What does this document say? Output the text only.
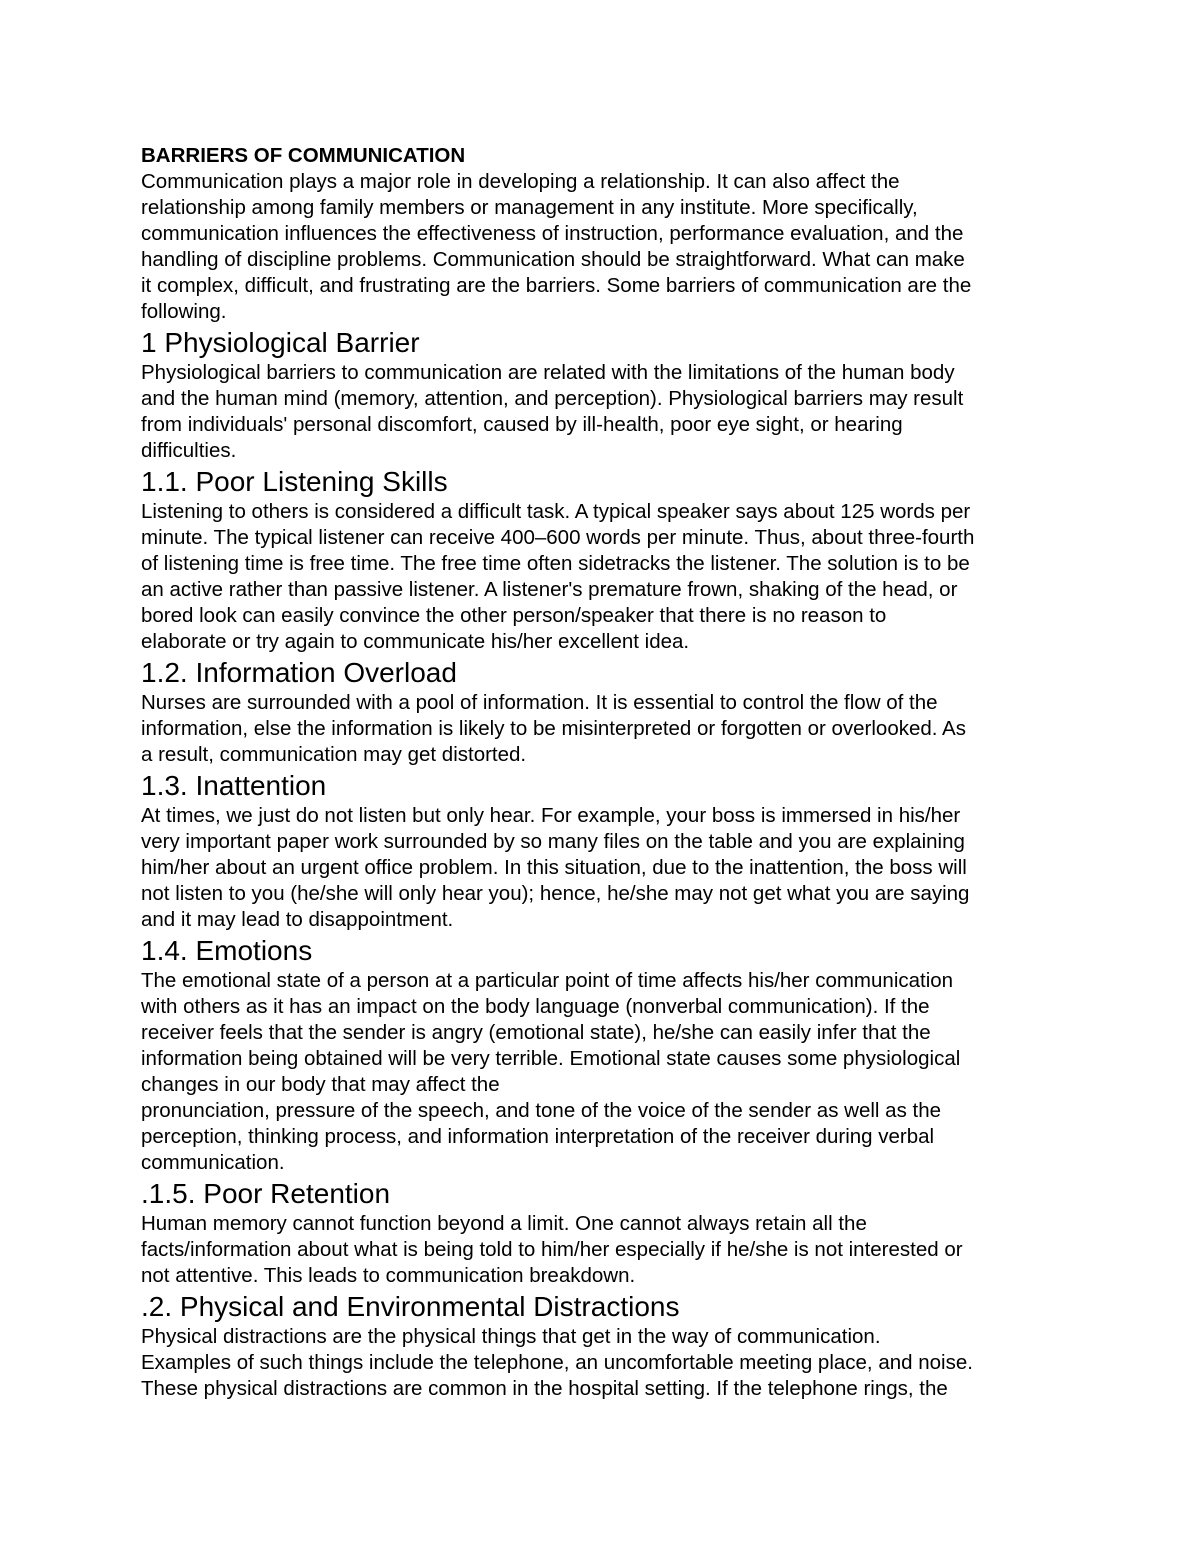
BARRIERS OF COMMUNICATION

Communication plays a major role in developing a relationship. It can also affect the
relationship among family members or management in any institute. More specifically,
communication influences the effectiveness of instruction, performance evaluation, and the
handling of discipline problems. Communication should be straightforward. What can make
it complex, difficult, and frustrating are the barriers. Some barriers of communication are the
following.

1 Physiological Barrier

Physiological barriers to communication are related with the limitations of the human body
and the human mind (memory, attention, and perception). Physiological barriers may result
from individuals' personal discomfort, caused by ill-health, poor eye sight, or hearing
difficulties.

1.1. Poor Listening Skills

Listening to others is considered a difficult task. A typical speaker says about 125 words per
minute. The typical listener can receive 400–600 words per minute. Thus, about three-fourth
of listening time is free time. The free time often sidetracks the listener. The solution is to be
an active rather than passive listener. A listener's premature frown, shaking of the head, or
bored look can easily convince the other person/speaker that there is no reason to
elaborate or try again to communicate his/her excellent idea.

1.2. Information Overload

Nurses are surrounded with a pool of information. It is essential to control the flow of the
information, else the information is likely to be misinterpreted or forgotten or overlooked. As
a result, communication may get distorted.

1.3. Inattention

At times, we just do not listen but only hear. For example, your boss is immersed in his/her
very important paper work surrounded by so many files on the table and you are explaining
him/her about an urgent office problem. In this situation, due to the inattention, the boss will
not listen to you (he/she will only hear you); hence, he/she may not get what you are saying
and it may lead to disappointment.

1.4. Emotions

The emotional state of a person at a particular point of time affects his/her communication
with others as it has an impact on the body language (nonverbal communication). If the
receiver feels that the sender is angry (emotional state), he/she can easily infer that the
information being obtained will be very terrible. Emotional state causes some physiological
changes in our body that may affect the
pronunciation, pressure of the speech, and tone of the voice of the sender as well as the
perception, thinking process, and information interpretation of the receiver during verbal
communication.

.1.5. Poor Retention

Human memory cannot function beyond a limit. One cannot always retain all the
facts/information about what is being told to him/her especially if he/she is not interested or
not attentive. This leads to communication breakdown.

.2. Physical and Environmental Distractions

Physical distractions are the physical things that get in the way of communication.
Examples of such things include the telephone, an uncomfortable meeting place, and noise.
These physical distractions are common in the hospital setting. If the telephone rings, the
